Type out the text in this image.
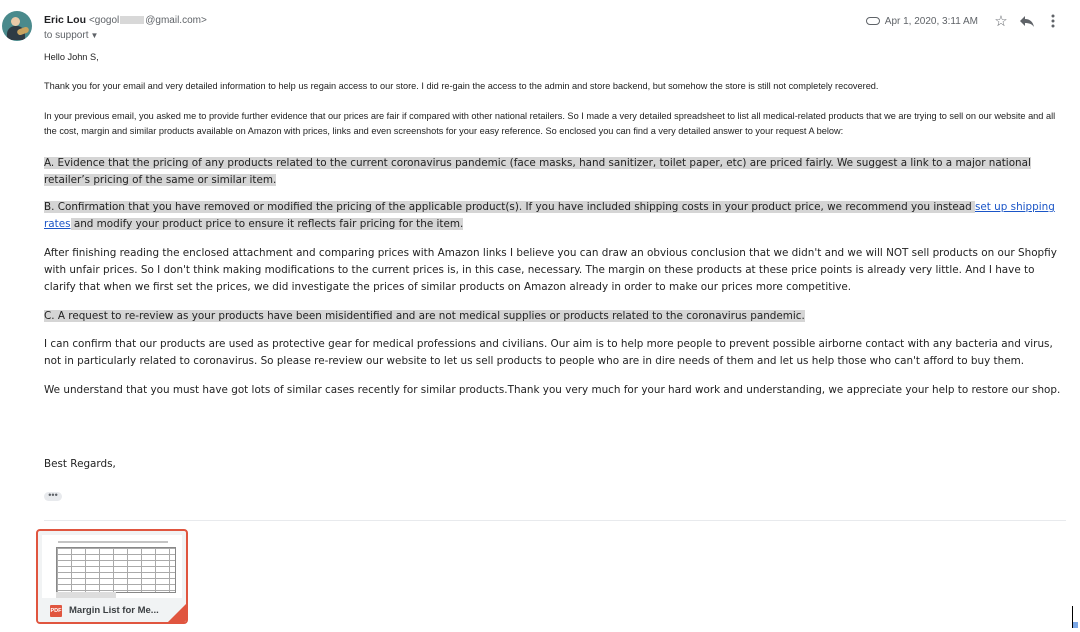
Eric Lou <gogol	@gmail.com>
to support ▼
Apr 1, 2020, 3:11 AM	☆

Hello John S,

Thank you for your email and very detailed information to help us regain access to our store. I did re-gain the access to the admin and store backend, but somehow the store is still not completely recovered.

In your previous email, you asked me to provide further evidence that our prices are fair if compared with other national retailers. So I made a very detailed spreadsheet to list all medical-related products that we are trying to sell on our website and all the cost, margin and similar products available on Amazon with prices, links and even screenshots for your easy reference. So enclosed you can find a very detailed answer to your request A below:

A. Evidence that the pricing of any products related to the current coronavirus pandemic (face masks, hand sanitizer, toilet paper, etc) are priced fairly. We suggest a link to a major national retailer’s pricing of the same or similar item.

B. Confirmation that you have removed or modified the pricing of the applicable product(s). If you have included shipping costs in your product price, we recommend you instead set up shipping rates and modify your product price to ensure it reflects fair pricing for the item.

After finishing reading the enclosed attachment and comparing prices with Amazon links I believe you can draw an obvious conclusion that we didn't and we will NOT sell products on our Shopfiy with unfair prices. So I don't think making modifications to the current prices is, in this case, necessary. The margin on these products at these price points is already very little. And I have to clarify that when we first set the prices, we did investigate the prices of similar products on Amazon already in order to make our prices more competitive.

C. A request to re-review as your products have been misidentified and are not medical supplies or products related to the coronavirus pandemic.

I can confirm that our products are used as protective gear for medical professions and civilians. Our aim is to help more people to prevent possible airborne contact with any bacteria and virus, not in particularly related to coronavirus. So please re-review our website to let us sell products to people who are in dire needs of them and let us help those who can't afford to buy them.

We understand that you must have got lots of similar cases recently for similar products.Thank you very much for your hard work and understanding, we appreciate your help to restore our shop.

Best Regards,

•••
PDF Margin List for Me...
